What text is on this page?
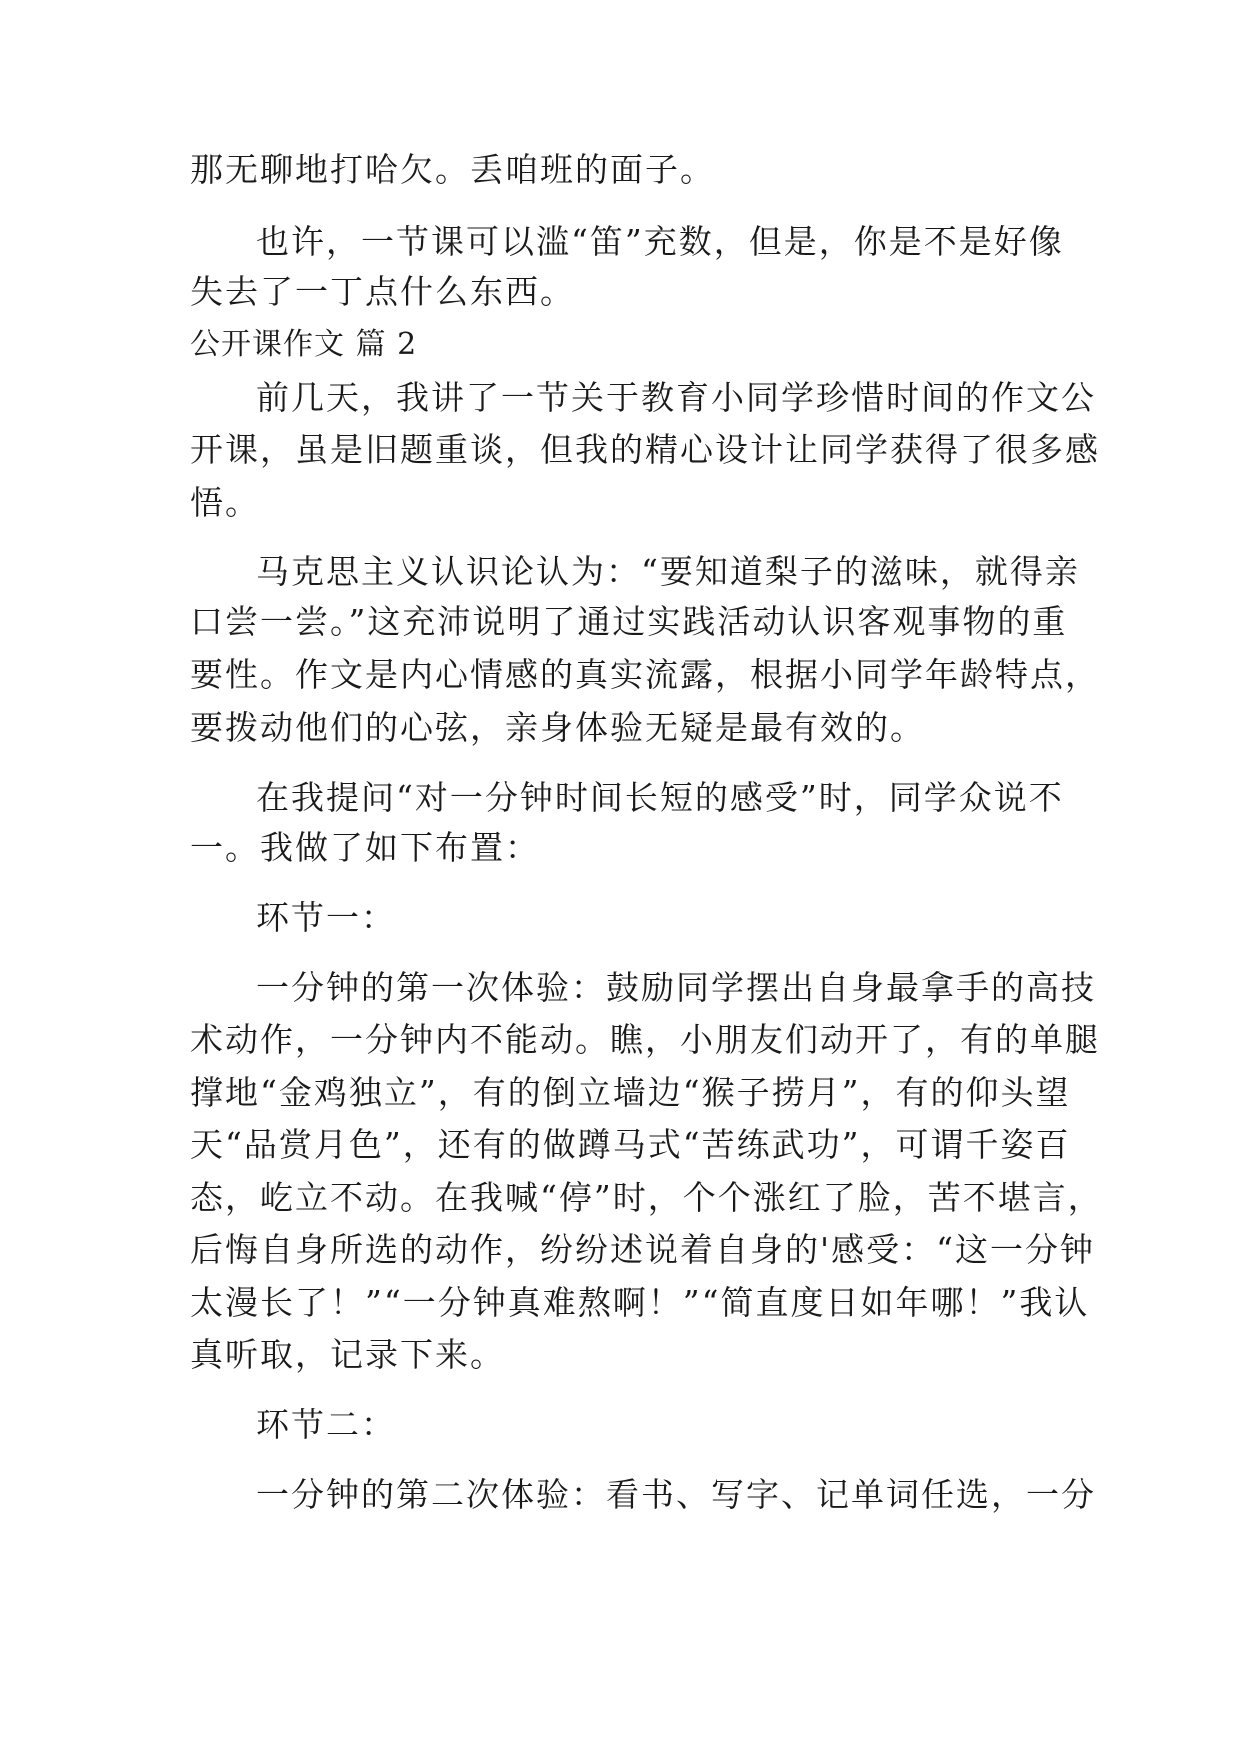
那无聊地打哈欠。丢咱班的面子。
也许，一节课可以滥“笛”充数，但是，你是不是好像
失去了一丁点什么东西。
公开课作文 篇 2
前几天，我讲了一节关于教育小同学珍惜时间的作文公
开课，虽是旧题重谈，但我的精心设计让同学获得了很多感
悟。
马克思主义认识论认为：“要知道梨子的滋味，就得亲
口尝一尝。”这充沛说明了通过实践活动认识客观事物的重
要性。作文是内心情感的真实流露，根据小同学年龄特点，
要拨动他们的心弦，亲身体验无疑是最有效的。
在我提问“对一分钟时间长短的感受”时，同学众说不
一。我做了如下布置：
环节一：
一分钟的第一次体验：鼓励同学摆出自身最拿手的高技
术动作，一分钟内不能动。瞧，小朋友们动开了，有的单腿
撑地“金鸡独立”，有的倒立墙边“猴子捞月”，有的仰头望
天“品赏月色”，还有的做蹲马式“苦练武功”，可谓千姿百
态，屹立不动。在我喊“停”时，个个涨红了脸，苦不堪言，
后悔自身所选的动作，纷纷述说着自身的'感受：“这一分钟
太漫长了！”“一分钟真难熬啊！”“简直度日如年哪！”我认
真听取，记录下来。
环节二：
一分钟的第二次体验：看书、写字、记单词任选，一分
